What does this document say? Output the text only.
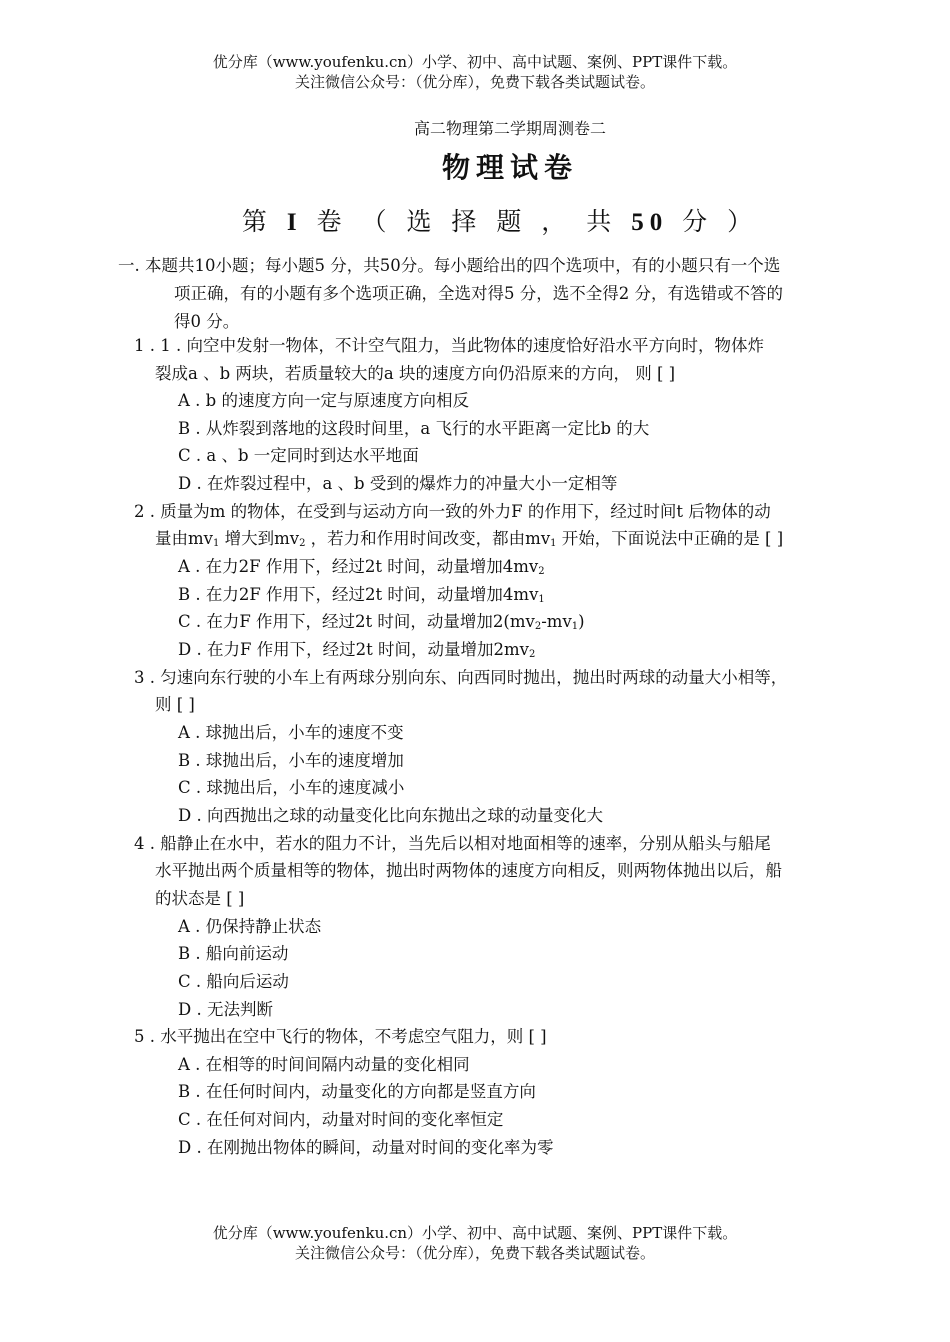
优分库（www.youfenku.cn）小学、初中、高中试题、案例、PPT课件下载。
关注微信公众号：（优分库），免费下载各类试题试卷。
高二物理第二学期周测卷二
物理试卷
第 I 卷 （ 选 择 题 ， 共 50 分 ）
一. 本题共10小题；每小题5 分，共50分。每小题给出的四个选项中，有的小题只有一个选
项正确，有的小题有多个选项正确，全选对得5 分，选不全得2 分，有选错或不答的
得0 分。
1 . 1 . 向空中发射一物体，不计空气阻力，当此物体的速度恰好沿水平方向时，物体炸
裂成a 、b 两块，若质量较大的a 块的速度方向仍沿原来的方向， 则 [ ]
A . b 的速度方向一定与原速度方向相反
B . 从炸裂到落地的这段时间里，a 飞行的水平距离一定比b 的大
C . a 、b 一定同时到达水平地面
D . 在炸裂过程中，a 、b 受到的爆炸力的冲量大小一定相等
2 . 质量为m 的物体，在受到与运动方向一致的外力F 的作用下，经过时间t 后物体的动
量由$mv_1$ 增大到$mv_2$ ，若力和作用时间改变，都由$mv_1$ 开始，下面说法中正确的是 [ ]
A . 在力2F 作用下，经过2t 时间，动量增加$4mv_2$
B . 在力2F 作用下，经过2t 时间，动量增加$4mv_1$
C . 在力F 作用下，经过2t 时间，动量增加$2(mv_2-mv_1)$
D . 在力F 作用下，经过2t 时间，动量增加$2mv_2$
3 . 匀速向东行驶的小车上有两球分别向东、向西同时抛出，抛出时两球的动量大小相等，
则 [ ]
A . 球抛出后，小车的速度不变
B . 球抛出后，小车的速度增加
C . 球抛出后，小车的速度减小
D . 向西抛出之球的动量变化比向东抛出之球的动量变化大
4 . 船静止在水中，若水的阻力不计，当先后以相对地面相等的速率，分别从船头与船尾
水平抛出两个质量相等的物体，抛出时两物体的速度方向相反，则两物体抛出以后，船
的状态是 [ ]
A . 仍保持静止状态
B . 船向前运动
C . 船向后运动
D . 无法判断
5 . 水平抛出在空中飞行的物体，不考虑空气阻力，则 [ ]
A . 在相等的时间间隔内动量的变化相同
B . 在任何时间内，动量变化的方向都是竖直方向
C . 在任何对间内，动量对时间的变化率恒定
D . 在刚抛出物体的瞬间，动量对时间的变化率为零
优分库（www.youfenku.cn）小学、初中、高中试题、案例、PPT课件下载。
关注微信公众号：（优分库），免费下载各类试题试卷。
